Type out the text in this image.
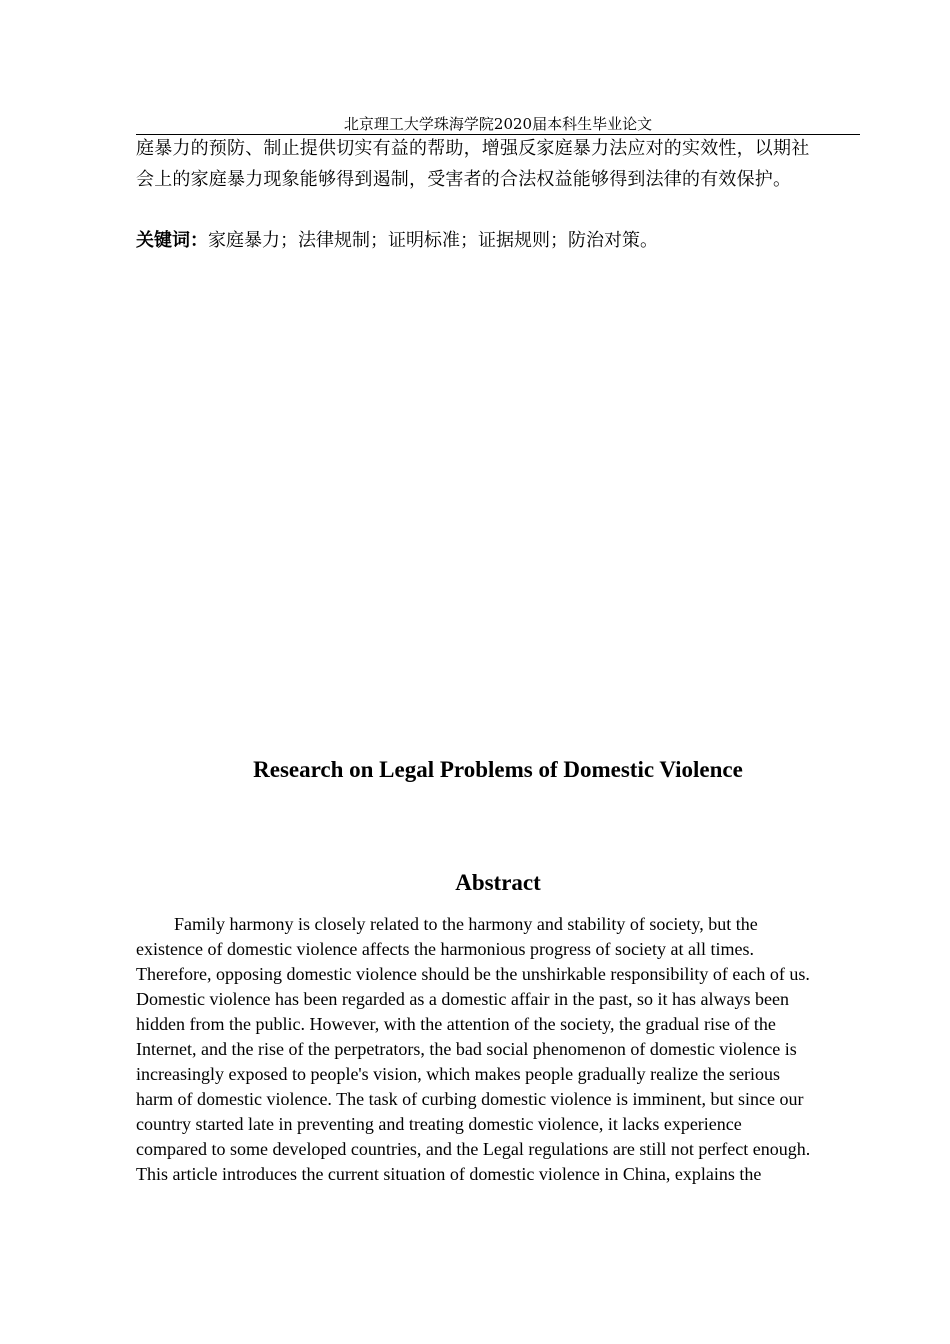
北京理工大学珠海学院2020届本科生毕业论文
庭暴力的预防、制止提供切实有益的帮助，增强反家庭暴力法应对的实效性，以期社
会上的家庭暴力现象能够得到遏制，受害者的合法权益能够得到法律的有效保护。
关键词：家庭暴力；法律规制；证明标准；证据规则；防治对策。
Research on Legal Problems of Domestic Violence
Abstract
Family harmony is closely related to the harmony and stability of society, but the
existence of domestic violence affects the harmonious progress of society at all times.
Therefore, opposing domestic violence should be the unshirkable responsibility of each of us.
Domestic violence has been regarded as a domestic affair in the past, so it has always been
hidden from the public. However, with the attention of the society, the gradual rise of the
Internet, and the rise of the perpetrators, the bad social phenomenon of domestic violence is
increasingly exposed to people's vision, which makes people gradually realize the serious
harm of domestic violence. The task of curbing domestic violence is imminent, but since our
country started late in preventing and treating domestic violence, it lacks experience
compared to some developed countries, and the Legal regulations are still not perfect enough.
This article introduces the current situation of domestic violence in China, explains the
